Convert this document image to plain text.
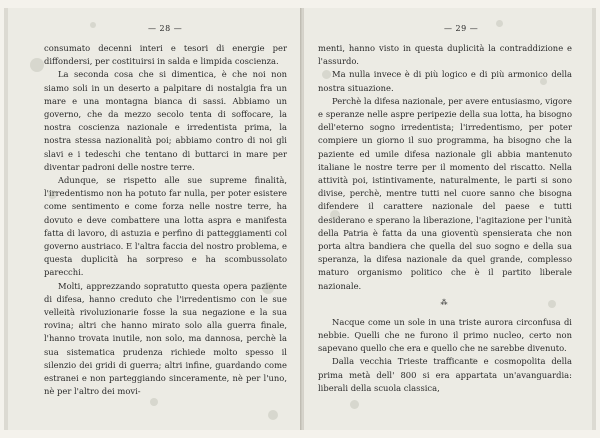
— 28 —

consumato decenni interi e tesori di energie per diffondersi, per costituirsi in salda e limpida coscienza.

La seconda cosa che si dimentica, è che noi non siamo soli in un deserto a palpitare di nostalgia fra un mare e una montagna bianca di sassi. Abbiamo un governo, che da mezzo secolo tenta di soffocare, la nostra coscienza nazionale e irredentista prima, la nostra stessa nazionalità poi; abbiamo contro di noi gli slavi e i tedeschi che tentano di buttarci in mare per diventar padroni delle nostre terre.

Adunque, se rispetto alle sue supreme finalità, l'irredentismo non ha potuto far nulla, per poter esistere come sentimento e come forza nelle nostre terre, ha dovuto e deve combattere una lotta aspra e manifesta fatta di lavoro, di astuzia e perfino di patteggiamenti col governo austriaco. E l'altra faccia del nostro problema, e questa duplicità ha sorpreso e ha scombussolato parecchi.

Molti, apprezzando sopratutto questa opera paziente di difesa, hanno creduto che l'irredentismo con le sue velleità rivoluzionarie fosse la sua negazione e la sua rovina; altri che hanno mirato solo alla guerra finale, l'hanno trovata inutile, non solo, ma dannosa, perchè la sua sistematica prudenza richiede molto spesso il silenzio dei gridi di guerra; altri infine, guardando come estranei e non parteggiando sinceramente, nè per l'uno, nè per l'altro dei movi-

— 29 —

menti, hanno visto in questa duplicità la contraddizione e l'assurdo.

Ma nulla invece è di più logico e di più armonico della nostra situazione.

Perchè la difesa nazionale, per avere entusiasmo, vigore e speranze nelle aspre peripezie della sua lotta, ha bisogno dell'eterno sogno irredentista; l'irredentismo, per poter compiere un giorno il suo programma, ha bisogno che la paziente ed umile difesa nazionale gli abbia mantenuto italiane le nostre terre per il momento del riscatto. Nella attività poi, istintivamente, naturalmente, le parti si sono divise, perchè, mentre tutti nel cuore sanno che bisogna difendere il carattere nazionale del paese e tutti desiderano e sperano la liberazione, l'agitazione per l'unità della Patria è fatta da una gioventù spensierata che non porta altra bandiera che quella del suo sogno e della sua speranza, la difesa nazionale da quel grande, complesso maturo organismo politico che è il partito liberale nazionale.

⁂

Nacque come un sole in una triste aurora circonfusa di nebbie. Quelli che ne furono il primo nucleo, certo non sapevano quello che era e quello che ne sarebbe divenuto.

Dalla vecchia Trieste trafficante e cosmopolita della prima metà dell' 800 si era appartata un'avanguardia: liberali della scuola classica,
